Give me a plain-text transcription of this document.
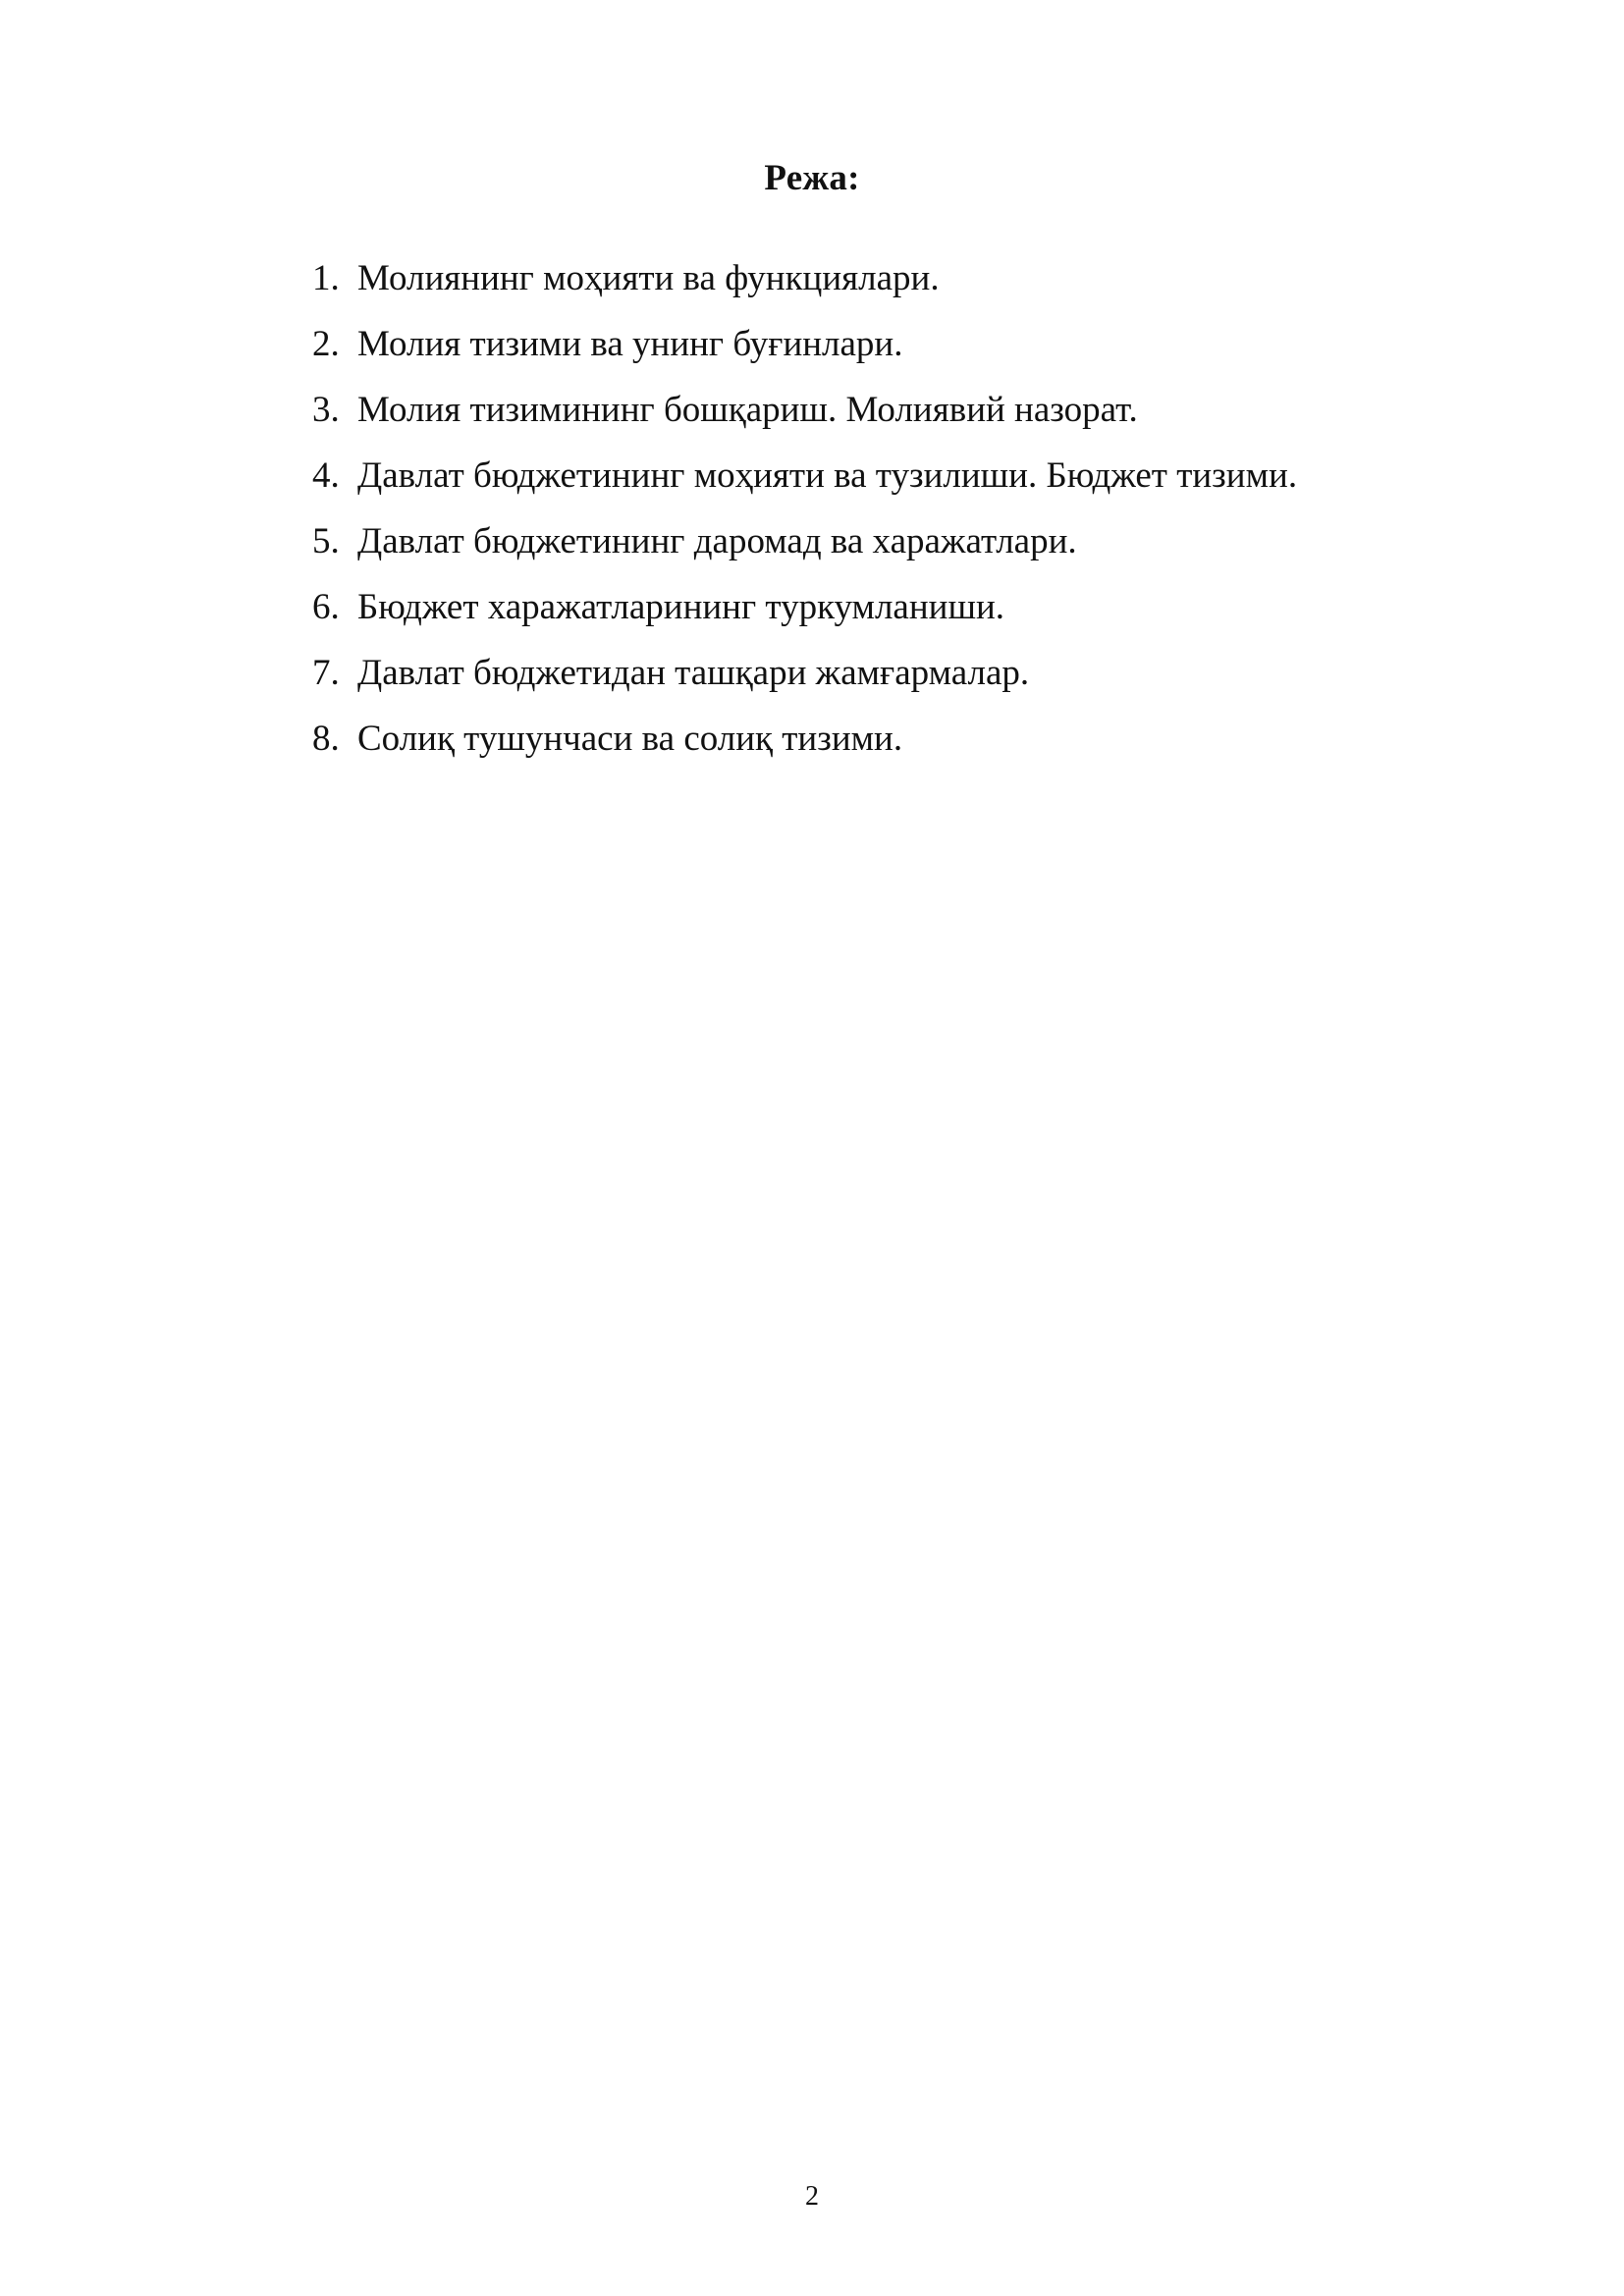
Режа:
1. Молиянинг моҳияти ва функциялари.
2. Молия тизими ва унинг буғинлари.
3. Молия тизимининг бошқариш. Молиявий назорат.
4. Давлат бюджетининг моҳияти ва тузилиши. Бюджет тизими.
5. Давлат бюджетининг даромад ва харажатлари.
6. Бюджет харажатларининг туркумланиши.
7. Давлат бюджетидан ташқари жамғармалар.
8. Солиқ тушунчаси ва солиқ тизими.
2
